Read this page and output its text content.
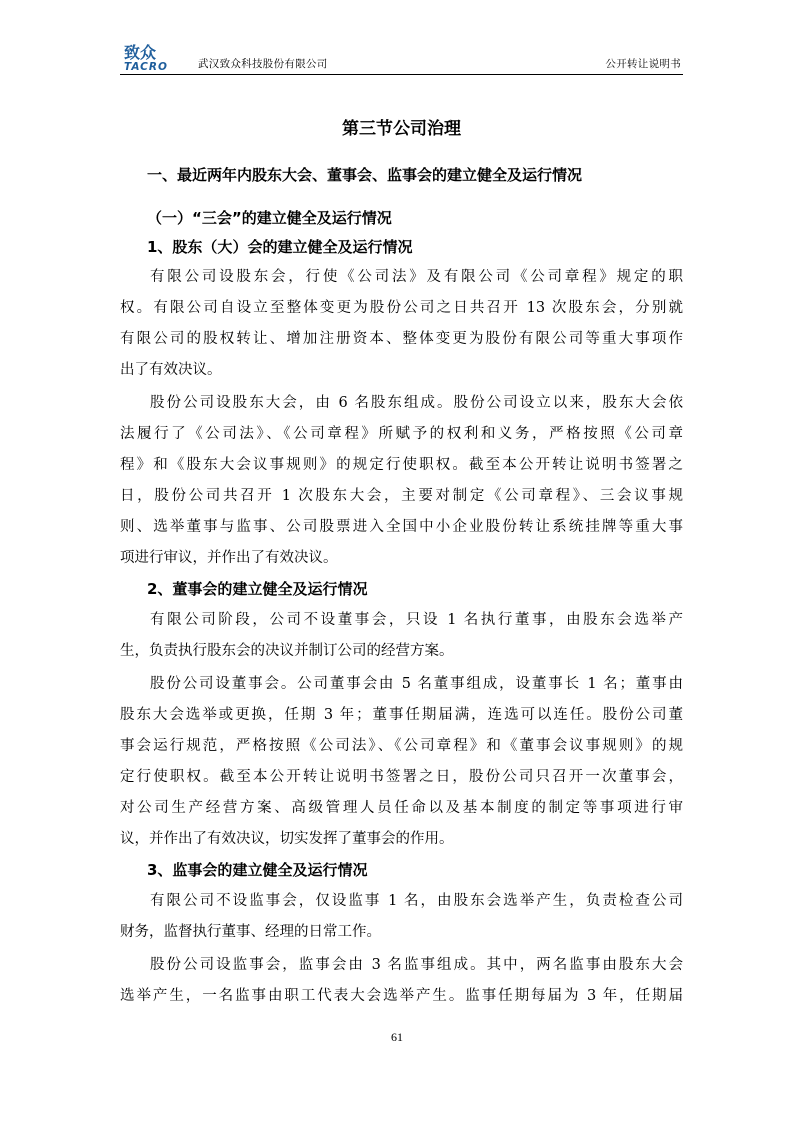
致众
TACRO	武汉致众科技股份有限公司	公开转让说明书
第三节公司治理
一、最近两年内股东大会、董事会、监事会的建立健全及运行情况
（一）“三会”的建立健全及运行情况
1、股东（大）会的建立健全及运行情况
有限公司设股东会，行使《公司法》及有限公司《公司章程》规定的职
权。有限公司自设立至整体变更为股份公司之日共召开 13 次股东会，分别就
有限公司的股权转让、增加注册资本、整体变更为股份有限公司等重大事项作
出了有效决议。
股份公司设股东大会，由 6 名股东组成。股份公司设立以来，股东大会依
法履行了《公司法》、《公司章程》所赋予的权利和义务，严格按照《公司章
程》和《股东大会议事规则》的规定行使职权。截至本公开转让说明书签署之
日，股份公司共召开 1 次股东大会，主要对制定《公司章程》、三会议事规
则、选举董事与监事、公司股票进入全国中小企业股份转让系统挂牌等重大事
项进行审议，并作出了有效决议。
2、董事会的建立健全及运行情况
有限公司阶段，公司不设董事会，只设 1 名执行董事，由股东会选举产
生，负责执行股东会的决议并制订公司的经营方案。
股份公司设董事会。公司董事会由 5 名董事组成，设董事长 1 名；董事由
股东大会选举或更换，任期 3 年；董事任期届满，连选可以连任。股份公司董
事会运行规范，严格按照《公司法》、《公司章程》和《董事会议事规则》的规
定行使职权。截至本公开转让说明书签署之日，股份公司只召开一次董事会，
对公司生产经营方案、高级管理人员任命以及基本制度的制定等事项进行审
议，并作出了有效决议，切实发挥了董事会的作用。
3、监事会的建立健全及运行情况
有限公司不设监事会，仅设监事 1 名，由股东会选举产生，负责检查公司
财务，监督执行董事、经理的日常工作。
股份公司设监事会，监事会由 3 名监事组成。其中，两名监事由股东大会
选举产生，一名监事由职工代表大会选举产生。监事任期每届为 3 年，任期届
61
